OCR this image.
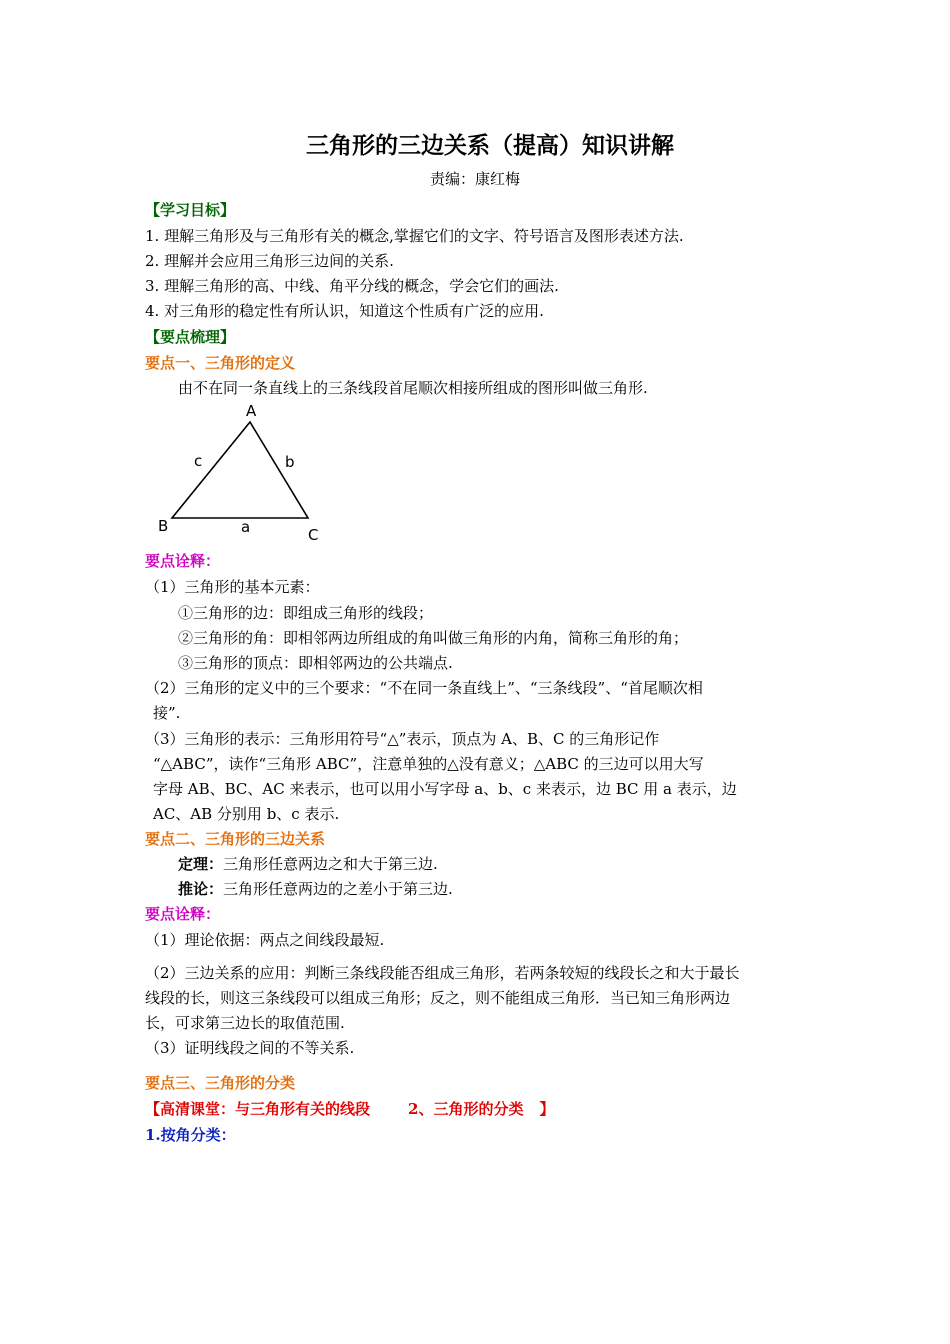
三角形的三边关系（提高）知识讲解
责编：康红梅
【学习目标】
1. 理解三角形及与三角形有关的概念,掌握它们的文字、符号语言及图形表述方法.
2. 理解并会应用三角形三边间的关系.
3. 理解三角形的高、中线、角平分线的概念，学会它们的画法.
4. 对三角形的稳定性有所认识，知道这个性质有广泛的应用.
【要点梳理】
要点一、三角形的定义
由不在同一条直线上的三条线段首尾顺次相接所组成的图形叫做三角形.
A
B	C
a
b
c
要点诠释：
（1）三角形的基本元素：
①三角形的边：即组成三角形的线段；
②三角形的角：即相邻两边所组成的角叫做三角形的内角，简称三角形的角；
③三角形的顶点：即相邻两边的公共端点.
（2）三角形的定义中的三个要求：“不在同一条直线上”、“三条线段”、“首尾顺次相
接”.
（3）三角形的表示：三角形用符号“△”表示，顶点为 A、B、C 的三角形记作
“△ABC”，读作“三角形 ABC”，注意单独的△没有意义；△ABC 的三边可以用大写
字母 AB、BC、AC 来表示，也可以用小写字母 a、b、c 来表示，边 BC 用 a 表示，边
AC、AB 分别用 b、c 表示.
要点二、三角形的三边关系
定理：三角形任意两边之和大于第三边.
推论：三角形任意两边的之差小于第三边.
要点诠释：
（1）理论依据：两点之间线段最短.
（2）三边关系的应用：判断三条线段能否组成三角形，若两条较短的线段长之和大于最长
线段的长，则这三条线段可以组成三角形；反之，则不能组成三角形．当已知三角形两边
长，可求第三边长的取值范围.
（3）证明线段之间的不等关系.
要点三、三角形的分类
【高清课堂：与三角形有关的线段	2、三角形的分类 】
1.按角分类：
